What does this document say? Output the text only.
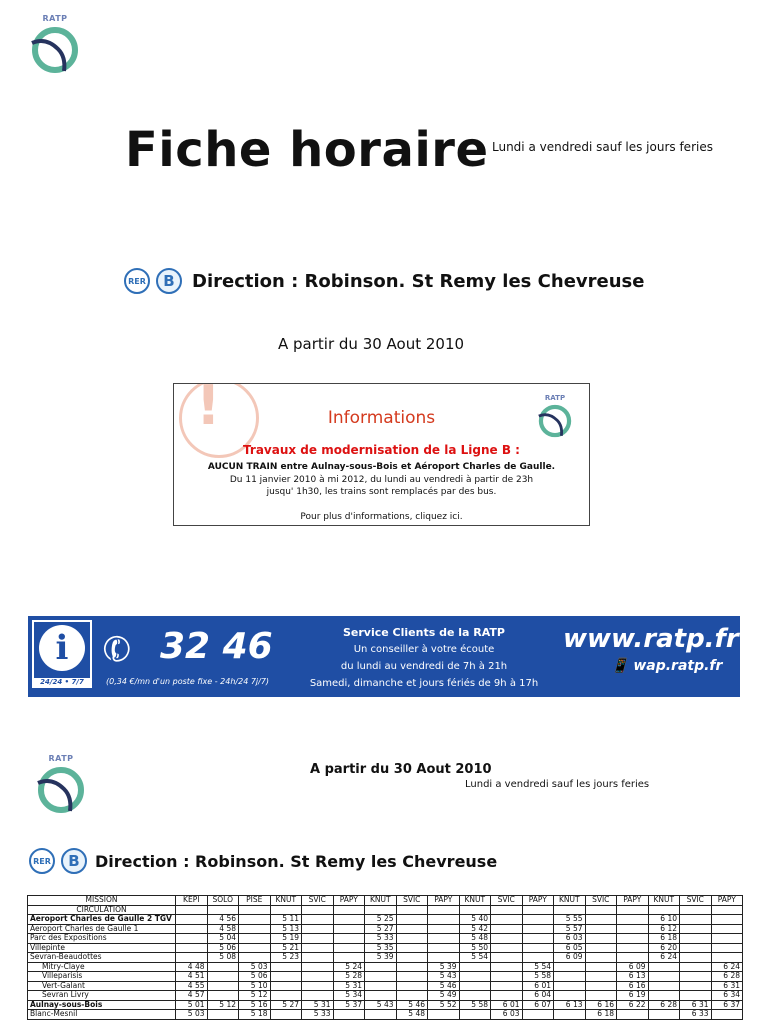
RATP
Fiche horaire Lundi a vendredi sauf les jours feries
RER	B Direction : Robinson. St Remy les Chevreuse
A partir du 30 Aout 2010
!	Informations
RATP
Travaux de modernisation de la Ligne B :
AUCUN TRAIN entre Aulnay-sous-Bois et Aéroport Charles de Gaulle.
Du 11 janvier 2010 à mi 2012, du lundi au vendredi à partir de 23h
jusqu' 1h30, les trains sont remplacés par des bus.
Pour plus d'informations, cliquez ici.
i
24/24 • 7/7
✆ 32 46
(0,34 €/mn d'un poste fixe - 24h/24 7j/7)
Service Clients de la RATP
Un conseiller à votre écoute
du lundi au vendredi de 7h à 21h
Samedi, dimanche et jours fériés de 9h à 17h
www.ratp.fr
📱 wap.ratp.fr
RATP
A partir du 30 Aout 2010
Lundi a vendredi sauf les jours feries
RER	B Direction : Robinson. St Remy les Chevreuse
MISSION	KEPI	SOLO	PISE	KNUT	SVIC	PAPY	KNUT	SVIC	PAPY	KNUT	SVIC	PAPY	KNUT	SVIC	PAPY	KNUT	SVIC	PAPY
CIRCULATION																		
Aeroport Charles de Gaulle 2 TGV		4 56		5 11			5 25			5 40			5 55			6 10		
Aeroport Charles de Gaulle 1		4 58		5 13			5 27			5 42			5 57			6 12		
Parc des Expositions		5 04		5 19			5 33			5 48			6 03			6 18		
Villepinte		5 06		5 21			5 35			5 50			6 05			6 20		
Sevran-Beaudottes		5 08		5 23			5 39			5 54			6 09			6 24		
Mitry-Claye	4 48		5 03			5 24			5 39			5 54			6 09			6 24
Villeparisis	4 51		5 06			5 28			5 43			5 58			6 13			6 28
Vert-Galant	4 55		5 10			5 31			5 46			6 01			6 16			6 31
Sevran Livry	4 57		5 12			5 34			5 49			6 04			6 19			6 34
Aulnay-sous-Bois	5 01	5 12	5 16	5 27	5 31	5 37	5 43	5 46	5 52	5 58	6 01	6 07	6 13	6 16	6 22	6 28	6 31	6 37
Blanc-Mesnil	5 03		5 18		5 33			5 48			6 03			6 18			6 33	
